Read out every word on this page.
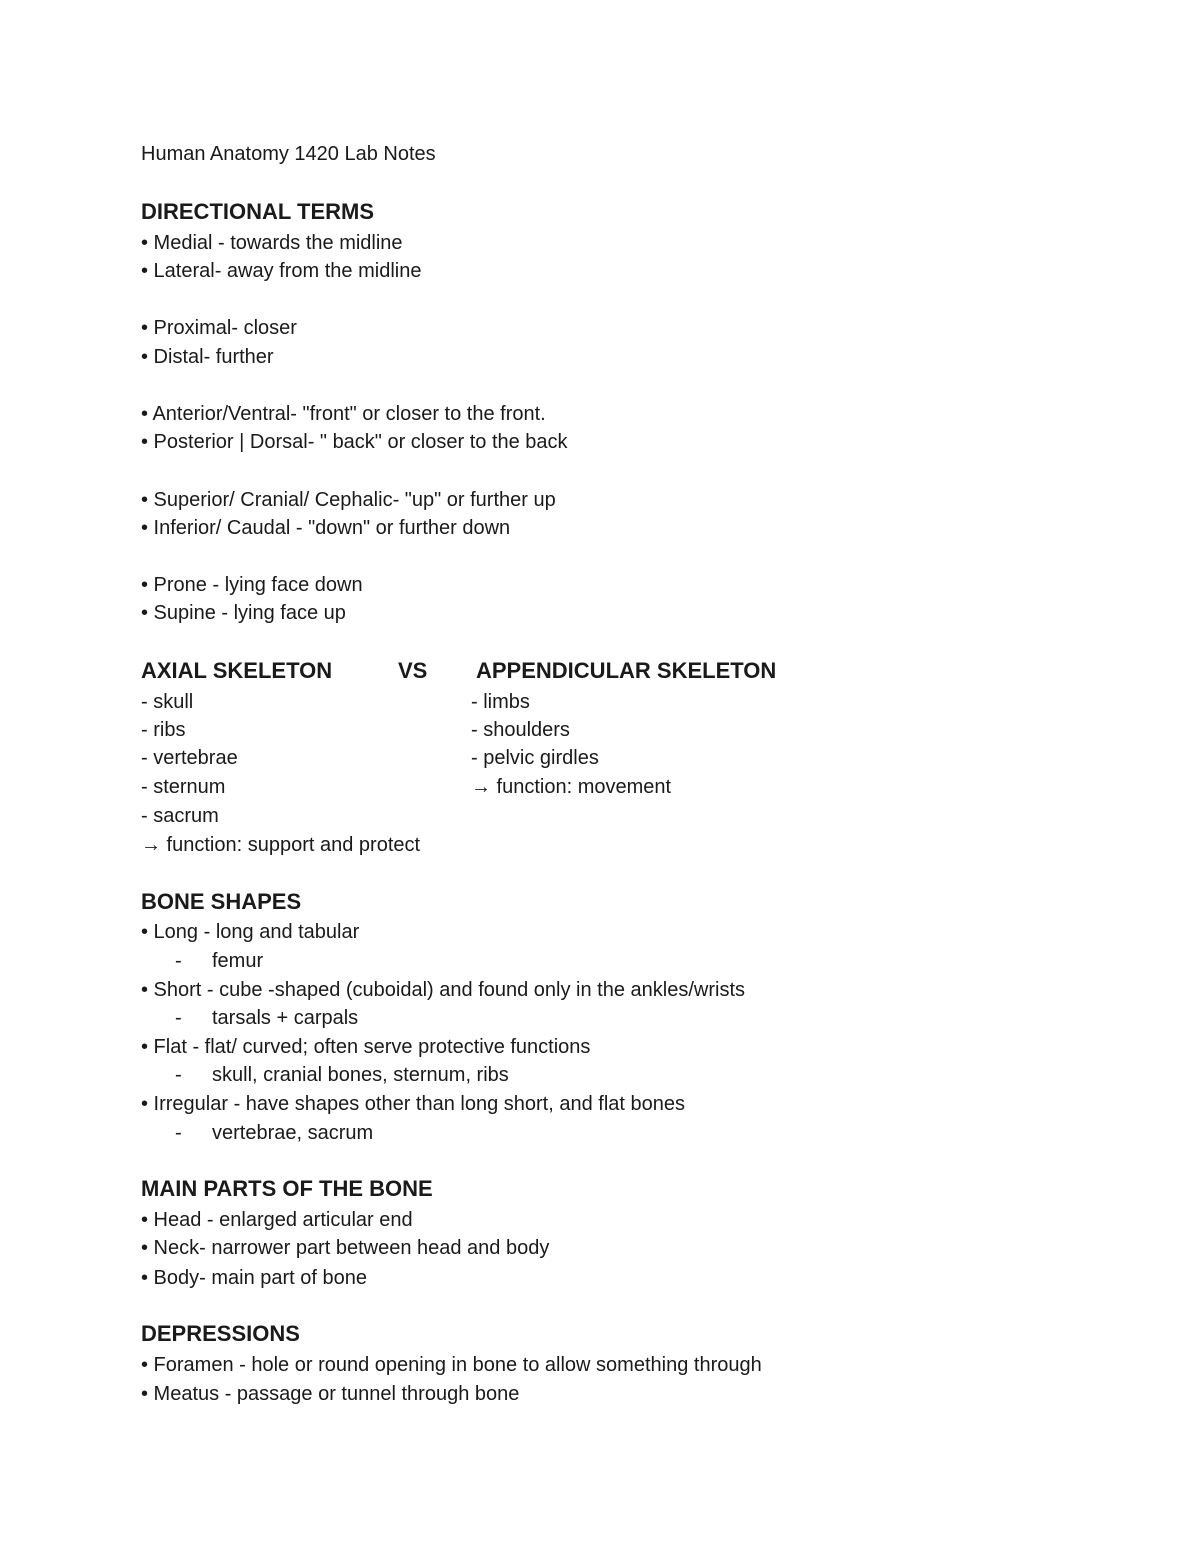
Human Anatomy 1420 Lab Notes
DIRECTIONAL TERMS
• Medial - towards the midline
• Lateral- away from the midline
• Proximal- closer
• Distal- further
• Anterior/Ventral- "front" or closer to the front.
• Posterior | Dorsal- " back" or closer to the back
• Superior/ Cranial/ Cephalic- "up" or further up
• Inferior/ Caudal - "down" or further down
• Prone - lying face down
• Supine - lying face up
AXIAL SKELETON	VS APPENDICULAR SKELETON
- skull
- ribs
- vertebrae
- sternum
- sacrum
→ function: support and protect
- limbs
- shoulders
- pelvic girdles
→ function: movement
BONE SHAPES
• Long - long and tabular
- femur
• Short - cube -shaped (cuboidal) and found only in the ankles/wrists
- tarsals + carpals
• Flat - flat/ curved; often serve protective functions
- skull, cranial bones, sternum, ribs
• Irregular - have shapes other than long short, and flat bones
- vertebrae, sacrum
MAIN PARTS OF THE BONE
• Head - enlarged articular end
• Neck- narrower part between head and body
• Body- main part of bone
DEPRESSIONS
• Foramen - hole or round opening in bone to allow something through
• Meatus - passage or tunnel through bone
